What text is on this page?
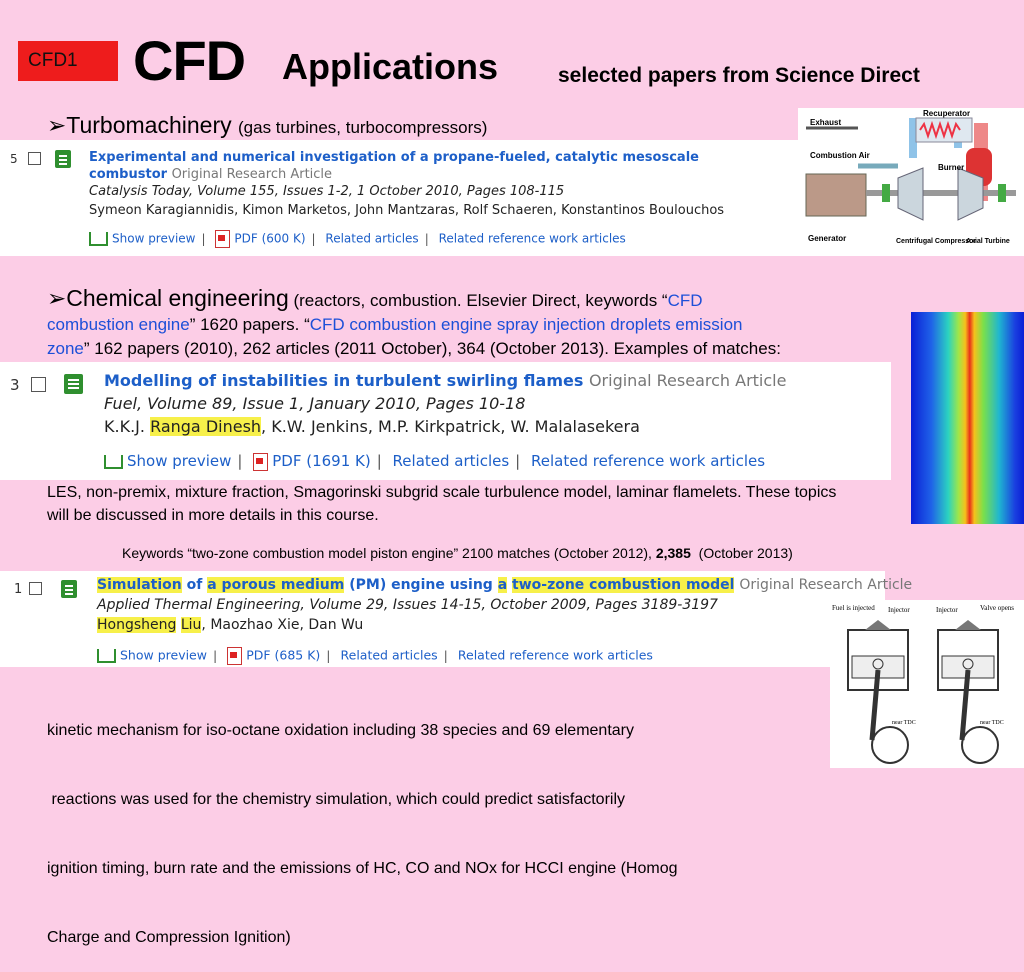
CFD1 CFD Applications	selected papers from Science Direct
➢Turbomachinery (gas turbines, turbocompressors)
5	Experimental and numerical investigation of a propane-fueled, catalytic mesoscale
combustor Original Research Article
Catalysis Today, Volume 155, Issues 1-2, 1 October 2010, Pages 108-115
Symeon Karagiannidis, Kimon Marketos, John Mantzaras, Rolf Schaeren, Konstantinos Boulouchos
Show preview | PDF (600 K) | Related articles | Related reference work articles
Exhaust
Recuperator
Combustion Air
Burner
Generator	Centrifugal Compressor
Axial Turbine
➢Chemical engineering (reactors, combustion. Elsevier Direct, keywords “CFD
combustion engine” 1620 papers. “CFD combustion engine spray injection droplets emission
zone” 162 papers (2010), 262 articles (2011 October), 364 (October 2013). Examples of matches:
3	Modelling of instabilities in turbulent swirling flames Original Research Article
Fuel, Volume 89, Issue 1, January 2010, Pages 10-18
K.K.J. Ranga Dinesh, K.W. Jenkins, M.P. Kirkpatrick, W. Malalasekera
Show preview | PDF (1691 K) | Related articles | Related reference work articles
LES, non-premix, mixture fraction, Smagorinski subgrid scale turbulence model, laminar flamelets. These topics will be discussed in more details in this course.
Keywords “two-zone combustion model piston engine” 2100 matches (October 2012), 2,385 (October 2013)
1	Simulation of a porous medium (PM) engine using a two-zone combustion model Original Research Article
Applied Thermal Engineering, Volume 29, Issues 14-15, October 2009, Pages 3189-3197
Hongsheng Liu, Maozhao Xie, Dan Wu
Show preview | PDF (685 K) | Related articles | Related reference work articles
Fuel is injected Injector	Injector	Valve opens
near TDC	near TDC

kinetic mechanism for iso-octane oxidation including 38 species and 69 elementary

reactions was used for the chemistry simulation, which could predict satisfactorily

ignition timing, burn rate and the emissions of HC, CO and NOx for HCCI engine (Homog

Charge and Compression Ignition)
